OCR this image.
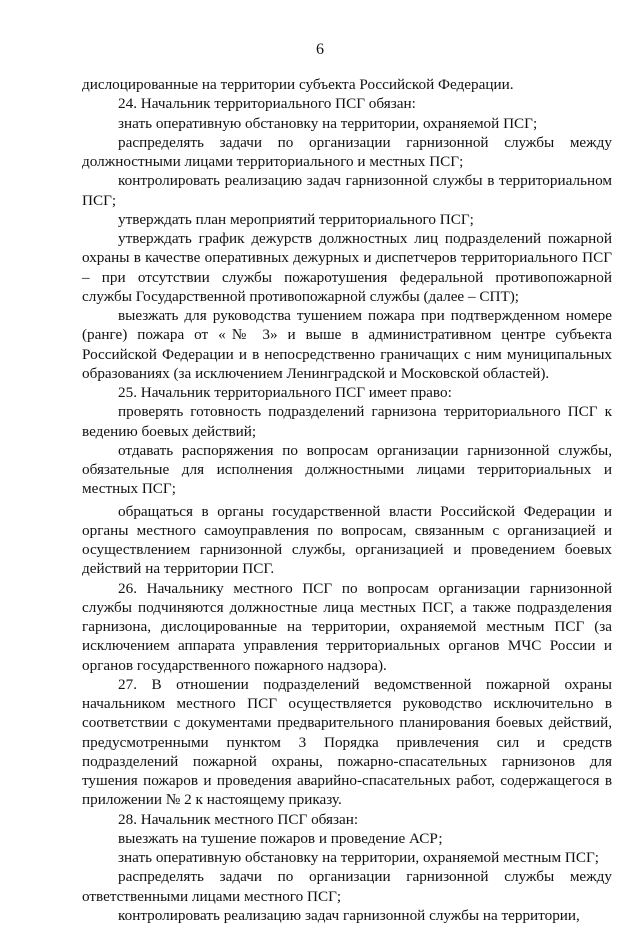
6

дислоцированные на территории субъекта Российской Федерации.

24. Начальник территориального ПСГ обязан:

знать оперативную обстановку на территории, охраняемой ПСГ;

распределять задачи по организации гарнизонной службы между должностными лицами территориального и местных ПСГ;

контролировать реализацию задач гарнизонной службы в территориальном ПСГ;

утверждать план мероприятий территориального ПСГ;

утверждать график дежурств должностных лиц подразделений пожарной охраны в качестве оперативных дежурных и диспетчеров территориального ПСГ – при отсутствии службы пожаротушения федеральной противопожарной службы Государственной противопожарной службы (далее – СПТ);

выезжать для руководства тушением пожара при подтвержденном номере (ранге) пожара от «№ 3» и выше в административном центре субъекта Российской Федерации и в непосредственно граничащих с ним муниципальных образованиях (за исключением Ленинградской и Московской областей).

25. Начальник территориального ПСГ имеет право:

проверять готовность подразделений гарнизона территориального ПСГ к ведению боевых действий;

отдавать распоряжения по вопросам организации гарнизонной службы, обязательные для исполнения должностными лицами территориальных и местных ПСГ;

обращаться в органы государственной власти Российской Федерации и органы местного самоуправления по вопросам, связанным с организацией и осуществлением гарнизонной службы, организацией и проведением боевых действий на территории ПСГ.

26. Начальнику местного ПСГ по вопросам организации гарнизонной службы подчиняются должностные лица местных ПСГ, а также подразделения гарнизона, дислоцированные на территории, охраняемой местным ПСГ (за исключением аппарата управления территориальных органов МЧС России и органов государственного пожарного надзора).

27. В отношении подразделений ведомственной пожарной охраны начальником местного ПСГ осуществляется руководство исключительно в соответствии с документами предварительного планирования боевых действий, предусмотренными пунктом 3 Порядка привлечения сил и средств подразделений пожарной охраны, пожарно-спасательных гарнизонов для тушения пожаров и проведения аварийно-спасательных работ, содержащегося в приложении № 2 к настоящему приказу.

28. Начальник местного ПСГ обязан:

выезжать на тушение пожаров и проведение АСР;

знать оперативную обстановку на территории, охраняемой местным ПСГ;

распределять задачи по организации гарнизонной службы между ответственными лицами местного ПСГ;

контролировать реализацию задач гарнизонной службы на территории,
